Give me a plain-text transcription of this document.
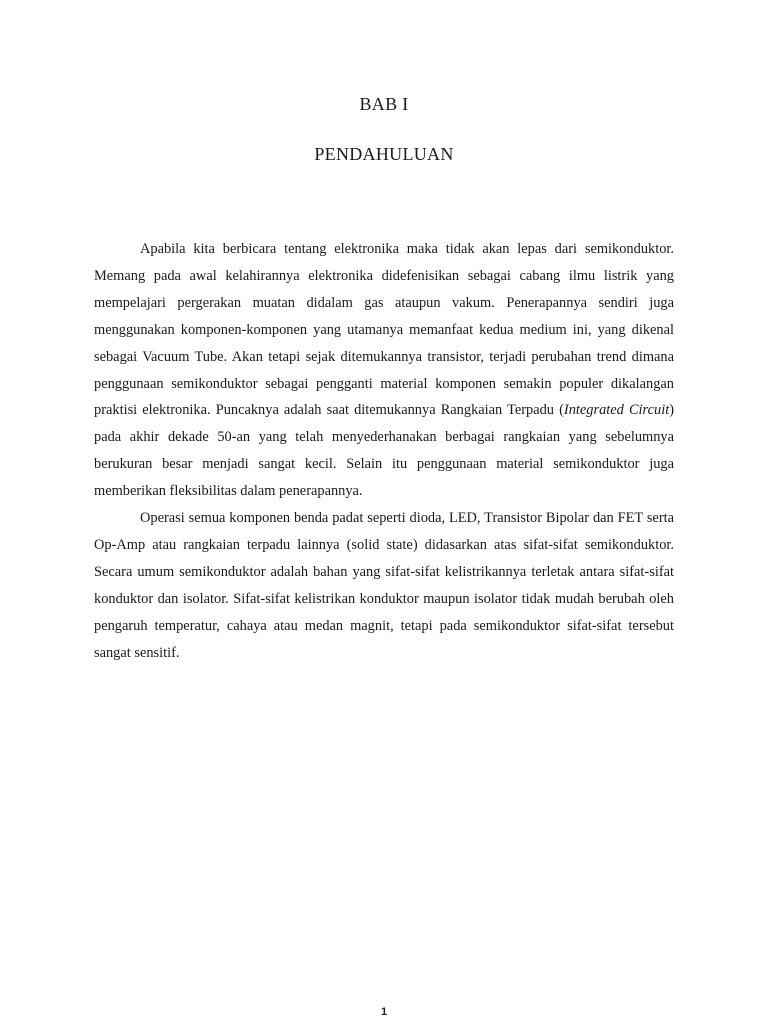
BAB I
PENDAHULUAN

Apabila kita berbicara tentang elektronika maka tidak akan lepas dari semikonduktor. Memang pada awal kelahirannya elektronika didefenisikan sebagai cabang ilmu listrik yang mempelajari pergerakan muatan didalam gas ataupun vakum. Penerapannya sendiri juga menggunakan komponen-komponen yang utamanya memanfaat kedua medium ini, yang dikenal sebagai Vacuum Tube. Akan tetapi sejak ditemukannya transistor, terjadi perubahan trend dimana penggunaan semikonduktor sebagai pengganti material komponen semakin populer dikalangan praktisi elektronika. Puncaknya adalah saat ditemukannya Rangkaian Terpadu (Integrated Circuit) pada akhir dekade 50-an yang telah menyederhanakan berbagai rangkaian yang sebelumnya berukuran besar menjadi sangat kecil. Selain itu penggunaan material semikonduktor juga memberikan fleksibilitas dalam penerapannya.

Operasi semua komponen benda padat seperti dioda, LED, Transistor Bipolar dan FET serta Op-Amp atau rangkaian terpadu lainnya (solid state) didasarkan atas sifat-sifat semikonduktor. Secara umum semikonduktor adalah bahan yang sifat-sifat kelistrikannya terletak antara sifat-sifat konduktor dan isolator. Sifat-sifat kelistrikan konduktor maupun isolator tidak mudah berubah oleh pengaruh temperatur, cahaya atau medan magnit, tetapi pada semikonduktor sifat-sifat tersebut sangat sensitif.

1
